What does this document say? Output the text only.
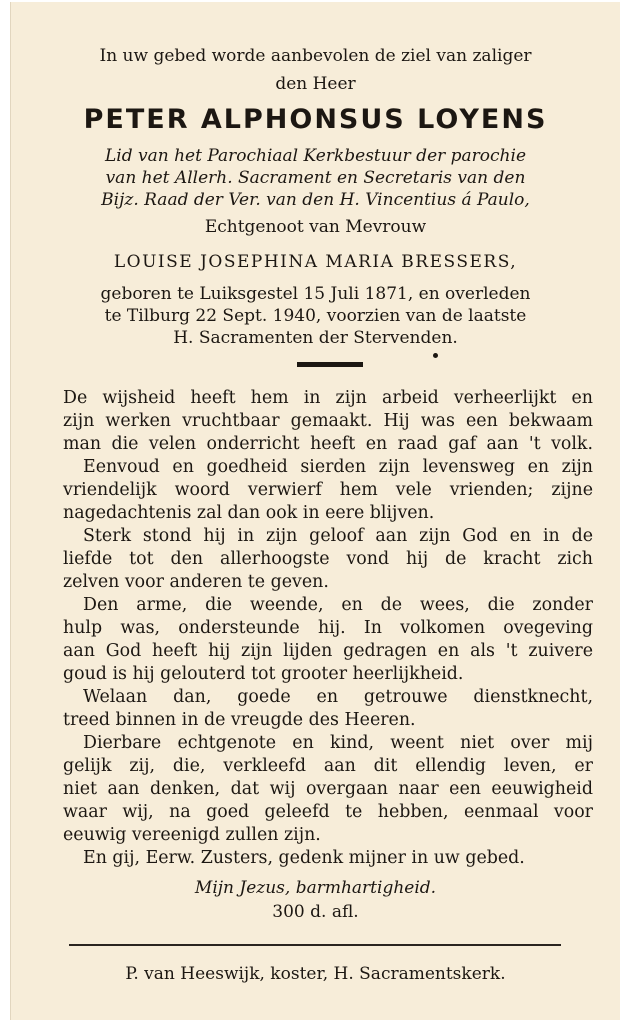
In uw gebed worde aanbevolen de ziel van zaliger
den Heer
PETER ALPHONSUS LOYENS
Lid van het Parochiaal Kerkbestuur der parochie
van het Allerh. Sacrament en Secretaris van den
Bijz. Raad der Ver. van den H. Vincentius á Paulo,
Echtgenoot van Mevrouw
LOUISE JOSEPHINA MARIA BRESSERS,
geboren te Luiksgestel 15 Juli 1871, en overleden
te Tilburg 22 Sept. 1940, voorzien van de laatste
H. Sacramenten der Stervenden.
De wijsheid heeft hem in zijn arbeid verheerlijkt en
zijn werken vruchtbaar gemaakt. Hij was een bekwaam
man die velen onderricht heeft en raad gaf aan 't volk.
Eenvoud en goedheid sierden zijn levensweg en zijn
vriendelijk woord verwierf hem vele vrienden; zijne
nagedachtenis zal dan ook in eere blijven.
Sterk stond hij in zijn geloof aan zijn God en in de
liefde tot den allerhoogste vond hij de kracht zich
zelven voor anderen te geven.
Den arme, die weende, en de wees, die zonder
hulp was, ondersteunde hij. In volkomen ovegeving
aan God heeft hij zijn lijden gedragen en als 't zuivere
goud is hij gelouterd tot grooter heerlijkheid.
Welaan dan, goede en getrouwe dienstknecht,
treed binnen in de vreugde des Heeren.
Dierbare echtgenote en kind, weent niet over mij
gelijk zij, die, verkleefd aan dit ellendig leven, er
niet aan denken, dat wij overgaan naar een eeuwigheid
waar wij, na goed geleefd te hebben, eenmaal voor
eeuwig vereenigd zullen zijn.
En gij, Eerw. Zusters, gedenk mijner in uw gebed.
Mijn Jezus, barmhartigheid.
300 d. afl.
P. van Heeswijk, koster, H. Sacramentskerk.
